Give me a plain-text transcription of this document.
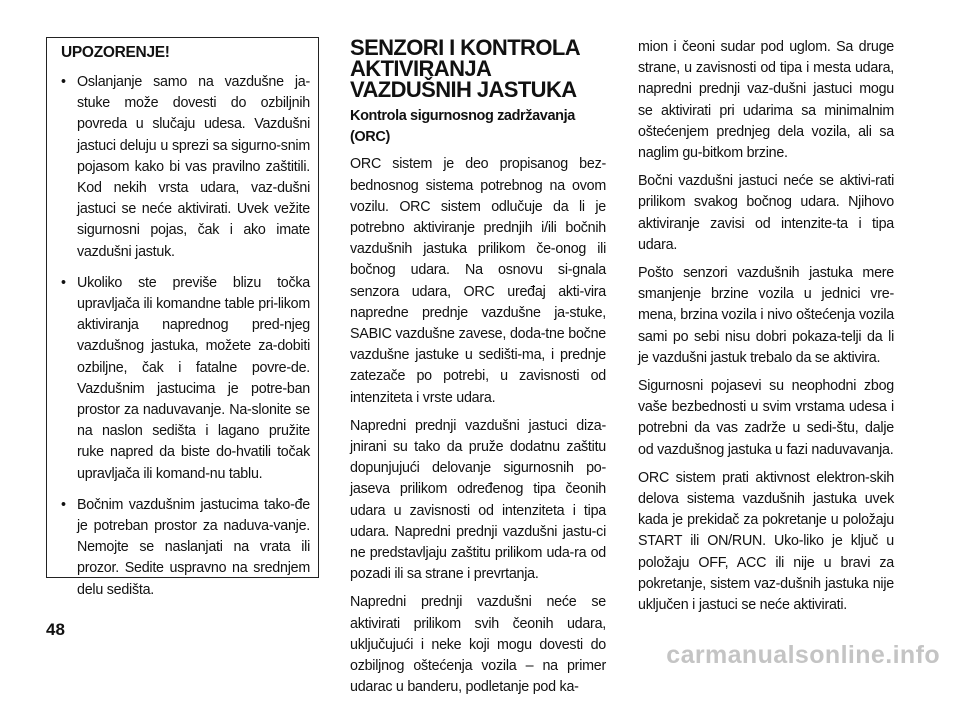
UPOZORENJE!
• Oslanjanje samo na vazdušne ja-stuke može dovesti do ozbiljnih povreda u slučaju udesa. Vazdušni jastuci deluju u sprezi sa sigurno-snim pojasom kako bi vas pravilno zaštitili. Kod nekih vrsta udara, vaz-dušni jastuci se neće aktivirati. Uvek vežite sigurnosni pojas, čak i ako imate vazdušni jastuk.
• Ukoliko ste previše blizu točka upravljača ili komandne table pri-likom aktiviranja naprednog pred-njeg vazdušnog jastuka, možete za-dobiti ozbiljne, čak i fatalne povre-de. Vazdušnim jastucima je potre-ban prostor za naduvavanje. Na-slonite se na naslon sedišta i lagano pružite ruke napred da biste do-hvatili točak upravljača ili komand-nu tablu.
• Bočnim vazdušnim jastucima tako-đe je potreban prostor za naduva-vanje. Nemojte se naslanjati na vrata ili prozor. Sedite uspravno na srednjem delu sedišta.
SENZORI I KONTROLA
AKTIVIRANJA
VAZDUŠNIH JASTUKA
Kontrola sigurnosnog zadržavanja (ORC)

ORC sistem je deo propisanog bez-bednosnog sistema potrebnog na ovom vozilu. ORC sistem odlučuje da li je potrebno aktiviranje prednjih i/ili bočnih vazdušnih jastuka prilikom če-onog ili bočnog udara. Na osnovu si-gnala senzora udara, ORC uređaj akti-vira napredne prednje vazdušne ja-stuke, SABIC vazdušne zavese, doda-tne bočne vazdušne jastuke u sedišti-ma, i prednje zatezače po potrebi, u zavisnosti od intenziteta i vrste udara.

Napredni prednji vazdušni jastuci diza-jnirani su tako da pruže dodatnu zaštitu dopunjujući delovanje sigurnosnih po-jaseva prilikom određenog tipa čeonih udara u zavisnosti od intenziteta i tipa udara. Napredni prednji vazdušni jastu-ci ne predstavljaju zaštitu prilikom uda-ra od pozadi ili sa strane i prevrtanja.

Napredni prednji vazdušni neće se aktivirati prilikom svih čeonih udara, uključujući i neke koji mogu dovesti do ozbiljnog oštećenja vozila – na primer udarac u banderu, podletanje pod ka-

mion i čeoni sudar pod uglom. Sa druge strane, u zavisnosti od tipa i mesta udara, napredni prednji vaz-dušni jastuci mogu se aktivirati pri udarima sa minimalnim oštećenjem prednjeg dela vozila, ali sa naglim gu-bitkom brzine.

Bočni vazdušni jastuci neće se aktivi-rati prilikom svakog bočnog udara. Njihovo aktiviranje zavisi od intenzite-ta i tipa udara.

Pošto senzori vazdušnih jastuka mere smanjenje brzine vozila u jednici vre-mena, brzina vozila i nivo oštećenja vozila sami po sebi nisu dobri pokaza-telji da li je vazdušni jastuk trebalo da se aktivira.

Sigurnosni pojasevi su neophodni zbog vaše bezbednosti u svim vrstama udesa i potrebni da vas zadrže u sedi-štu, dalje od vazdušnog jastuka u fazi naduvavanja.

ORC sistem prati aktivnost elektron-skih delova sistema vazdušnih jastuka uvek kada je prekidač za pokretanje u položaju START ili ON/RUN. Uko-liko je ključ u položaju OFF, ACC ili nije u bravi za pokretanje, sistem vaz-dušnih jastuka nije uključen i jastuci se neće aktivirati.

48
carmanualsonline.info
